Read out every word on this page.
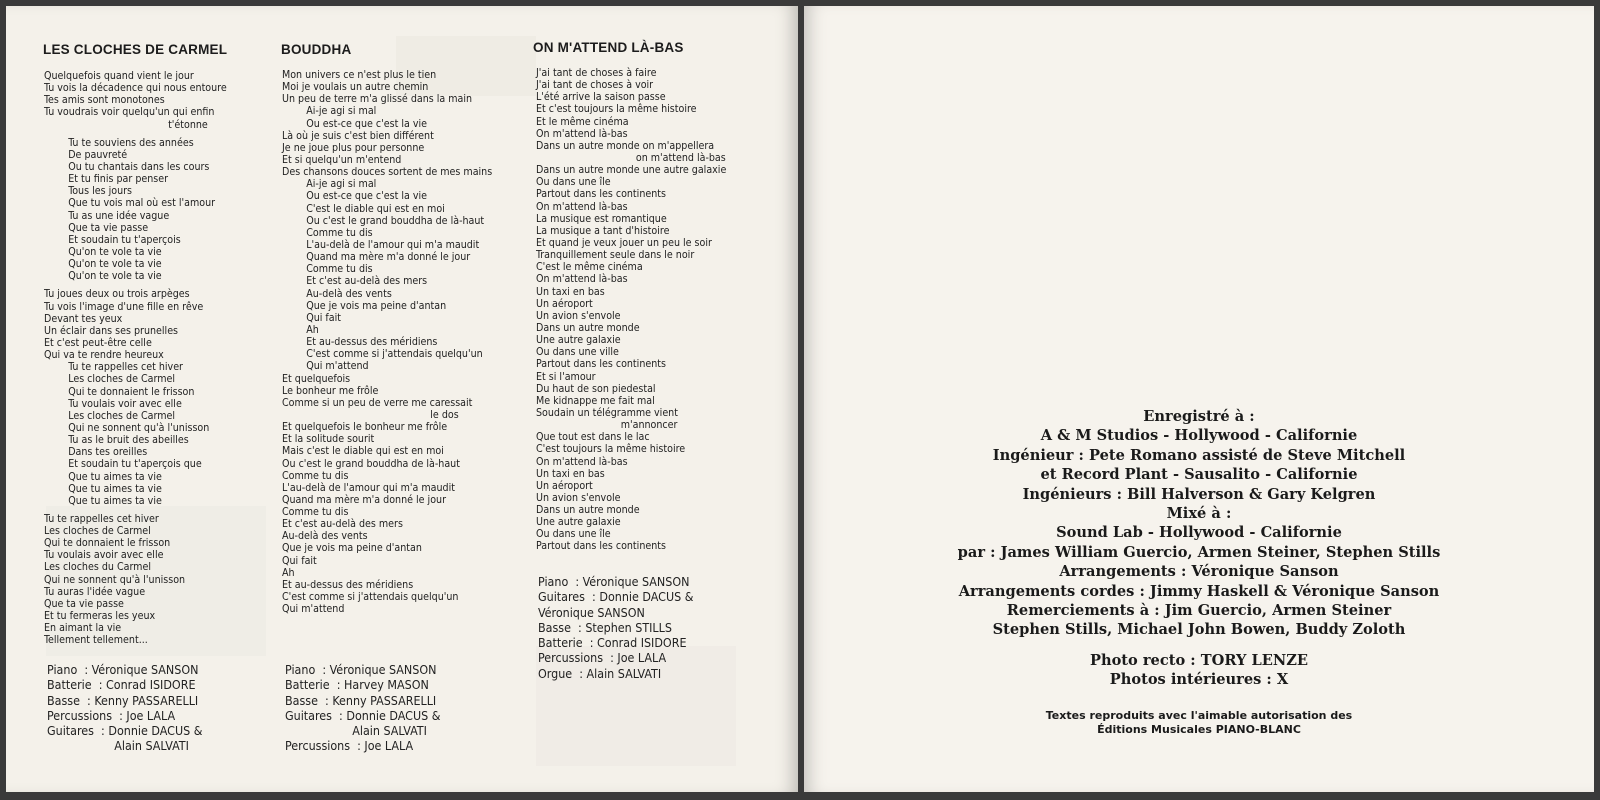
LES CLOCHES DE CARMEL	BOUDDHA	ON M'ATTEND LÀ-BAS
Quelquefois quand vient le jour
Tu vois la décadence qui nous entoure
Tes amis sont monotones
Tu voudrais voir quelqu'un qui enfin
t'étonne

Tu te souviens des années
De pauvreté
Ou tu chantais dans les cours
Et tu finis par penser
Tous les jours
Que tu vois mal où est l'amour
Tu as une idée vague
Que ta vie passe
Et soudain tu t'aperçois
Qu'on te vole ta vie
Qu'on te vole ta vie
Qu'on te vole ta vie

Tu joues deux ou trois arpèges
Tu vois l'image d'une fille en rêve
Devant tes yeux
Un éclair dans ses prunelles
Et c'est peut-être celle
Qui va te rendre heureux
Tu te rappelles cet hiver
Les cloches de Carmel
Qui te donnaient le frisson
Tu voulais voir avec elle
Les cloches de Carmel
Qui ne sonnent qu'à l'unisson
Tu as le bruit des abeilles
Dans tes oreilles
Et soudain tu t'aperçois que
Que tu aimes ta vie
Que tu aimes ta vie
Que tu aimes ta vie

Tu te rappelles cet hiver
Les cloches de Carmel
Qui te donnaient le frisson
Tu voulais avoir avec elle
Les cloches du Carmel
Qui ne sonnent qu'à l'unisson
Tu auras l'idée vague
Que ta vie passe
Et tu fermeras les yeux
En aimant la vie
Tellement tellement...
Mon univers ce n'est plus le tien
Moi je voulais un autre chemin
Un peu de terre m'a glissé dans la main
Ai-je agi si mal
Ou est-ce que c'est la vie
Là où je suis c'est bien différent
Je ne joue plus pour personne
Et si quelqu'un m'entend
Des chansons douces sortent de mes mains
Ai-je agi si mal
Ou est-ce que c'est la vie
C'est le diable qui est en moi
Ou c'est le grand bouddha de là-haut
Comme tu dis
L'au-delà de l'amour qui m'a maudit
Quand ma mère m'a donné le jour
Comme tu dis
Et c'est au-delà des mers
Au-delà des vents
Que je vois ma peine d'antan
Qui fait
Ah
Et au-dessus des méridiens
C'est comme si j'attendais quelqu'un
Qui m'attend
Et quelquefois
Le bonheur me frôle
Comme si un peu de verre me caressait
le dos
Et quelquefois le bonheur me frôle
Et la solitude sourit
Mais c'est le diable qui est en moi
Ou c'est le grand bouddha de là-haut
Comme tu dis
L'au-delà de l'amour qui m'a maudit
Quand ma mère m'a donné le jour
Comme tu dis
Et c'est au-delà des mers
Au-delà des vents
Que je vois ma peine d'antan
Qui fait
Ah
Et au-dessus des méridiens
C'est comme si j'attendais quelqu'un
Qui m'attend
J'ai tant de choses à faire
J'ai tant de choses à voir
L'été arrive la saison passe
Et c'est toujours la même histoire
Et le même cinéma
On m'attend là-bas
Dans un autre monde on m'appellera
on m'attend là-bas
Dans un autre monde une autre galaxie
Ou dans une île
Partout dans les continents
On m'attend là-bas
La musique est romantique
La musique a tant d'histoire
Et quand je veux jouer un peu le soir
Tranquillement seule dans le noir
C'est le même cinéma
On m'attend là-bas
Un taxi en bas
Un aéroport
Un avion s'envole
Dans un autre monde
Une autre galaxie
Ou dans une ville
Partout dans les continents
Et si l'amour
Du haut de son piedestal
Me kidnappe me fait mal
Soudain un télégramme vient
m'annoncer
Que tout est dans le lac
C'est toujours la même histoire
On m'attend là-bas
Un taxi en bas
Un aéroport
Un avion s'envole
Dans un autre monde
Une autre galaxie
Ou dans une île
Partout dans les continents
Piano  : Véronique SANSON
Batterie  : Conrad ISIDORE
Basse  : Kenny PASSARELLI
Percussions  : Joe LALA
Guitares  : Donnie DACUS &
Alain SALVATI
Piano  : Véronique SANSON
Batterie  : Harvey MASON
Basse  : Kenny PASSARELLI
Guitares  : Donnie DACUS &
Alain SALVATI
Percussions  : Joe LALA
Piano  : Véronique SANSON
Guitares  : Donnie DACUS &
Véronique SANSON
Basse  : Stephen STILLS
Batterie  : Conrad ISIDORE
Percussions  : Joe LALA
Orgue  : Alain SALVATI
Enregistré à :
A & M Studios - Hollywood - Californie
Ingénieur : Pete Romano assisté de Steve Mitchell
et Record Plant - Sausalito - Californie
Ingénieurs : Bill Halverson & Gary Kelgren
Mixé à :
Sound Lab - Hollywood - Californie
par : James William Guercio, Armen Steiner, Stephen Stills
Arrangements : Véronique Sanson
Arrangements cordes : Jimmy Haskell & Véronique Sanson
Remerciements à : Jim Guercio, Armen Steiner
Stephen Stills, Michael John Bowen, Buddy Zoloth
Photo recto : TORY LENZE
Photos intérieures : X
Textes reproduits avec l'aimable autorisation des
Éditions Musicales PIANO-BLANC
